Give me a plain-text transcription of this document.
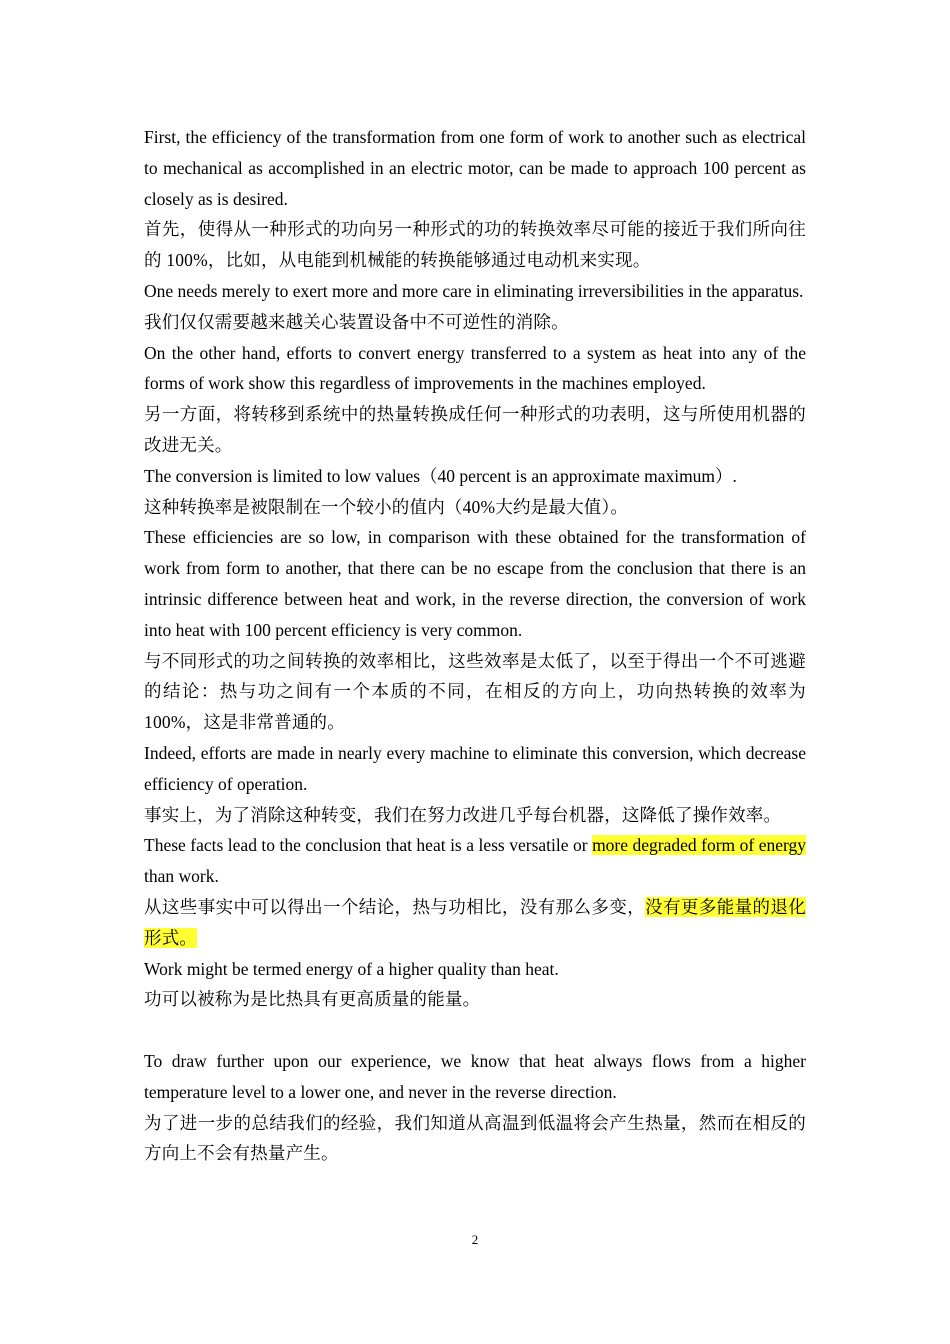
First, the efficiency of the transformation from one form of work to another such as electrical to mechanical as accomplished in an electric motor, can be made to approach 100 percent as closely as is desired.

首先，使得从一种形式的功向另一种形式的功的转换效率尽可能的接近于我们所向往的 100%，比如，从电能到机械能的转换能够通过电动机来实现。

One needs merely to exert more and more care in eliminating irreversibilities in the apparatus.

我们仅仅需要越来越关心装置设备中不可逆性的消除。

On the other hand, efforts to convert energy transferred to a system as heat into any of the forms of work show this regardless of improvements in the machines employed.

另一方面，将转移到系统中的热量转换成任何一种形式的功表明，这与所使用机器的改进无关。

The conversion is limited to low values（40 percent is an approximate maximum）.

这种转换率是被限制在一个较小的值内（40%大约是最大值）。

These efficiencies are so low, in comparison with these obtained for the transformation of work from form to another, that there can be no escape from the conclusion that there is an intrinsic difference between heat and work, in the reverse direction, the conversion of work into heat with 100 percent efficiency is very common.

与不同形式的功之间转换的效率相比，这些效率是太低了，以至于得出一个不可逃避的结论：热与功之间有一个本质的不同，在相反的方向上，功向热转换的效率为 100%，这是非常普通的。

Indeed, efforts are made in nearly every machine to eliminate this conversion, which decrease efficiency of operation.

事实上，为了消除这种转变，我们在努力改进几乎每台机器，这降低了操作效率。

These facts lead to the conclusion that heat is a less versatile or more degraded form of energy than work.

从这些事实中可以得出一个结论，热与功相比，没有那么多变，没有更多能量的退化形式。

Work might be termed energy of a higher quality than heat.

功可以被称为是比热具有更高质量的能量。

To draw further upon our experience, we know that heat always flows from a higher temperature level to a lower one, and never in the reverse direction.

为了进一步的总结我们的经验，我们知道从高温到低温将会产生热量，然而在相反的方向上不会有热量产生。

2
